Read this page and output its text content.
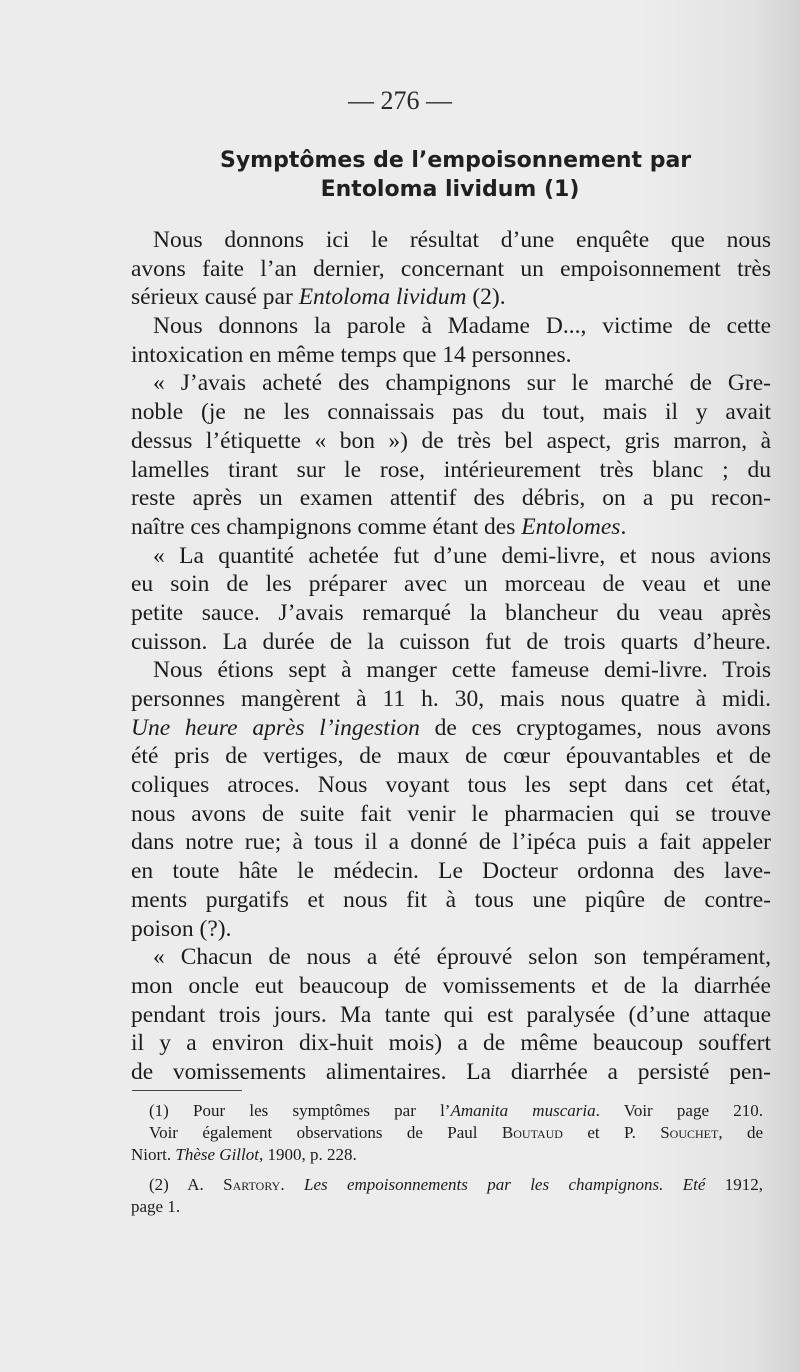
— 276 —
Symptômes de l’empoisonnement par
Entoloma lividum (1)
Nous donnons ici le résultat d’une enquête que nous
avons faite l’an dernier, concernant un empoisonnement très
sérieux causé par Entoloma lividum (2).
Nous donnons la parole à Madame D..., victime de cette
intoxication en même temps que 14 personnes.
« J’avais acheté des champignons sur le marché de Gre-
noble (je ne les connaissais pas du tout, mais il y avait
dessus l’étiquette « bon ») de très bel aspect, gris marron, à
lamelles tirant sur le rose, intérieurement très blanc ; du
reste après un examen attentif des débris, on a pu recon-
naître ces champignons comme étant des Entolomes.
« La quantité achetée fut d’une demi-livre, et nous avions
eu soin de les préparer avec un morceau de veau et une
petite sauce. J’avais remarqué la blancheur du veau après
cuisson. La durée de la cuisson fut de trois quarts d’heure.
Nous étions sept à manger cette fameuse demi-livre. Trois
personnes mangèrent à 11 h. 30, mais nous quatre à midi.
Une heure après l’ingestion de ces cryptogames, nous avons
été pris de vertiges, de maux de cœur épouvantables et de
coliques atroces. Nous voyant tous les sept dans cet état,
nous avons de suite fait venir le pharmacien qui se trouve
dans notre rue; à tous il a donné de l’ipéca puis a fait appeler
en toute hâte le médecin. Le Docteur ordonna des lave-
ments purgatifs et nous fit à tous une piqûre de contre-
poison (?).
« Chacun de nous a été éprouvé selon son tempérament,
mon oncle eut beaucoup de vomissements et de la diarrhée
pendant trois jours. Ma tante qui est paralysée (d’une attaque
il y a environ dix-huit mois) a de même beaucoup souffert
de vomissements alimentaires. La diarrhée a persisté pen-
(1) Pour les symptômes par l’Amanita muscaria. Voir page 210.
Voir également observations de Paul Boutaud et P. Souchet, de
Niort. Thèse Gillot, 1900, p. 228.
(2) A. Sartory. Les empoisonnements par les champignons. Eté 1912,
page 1.
